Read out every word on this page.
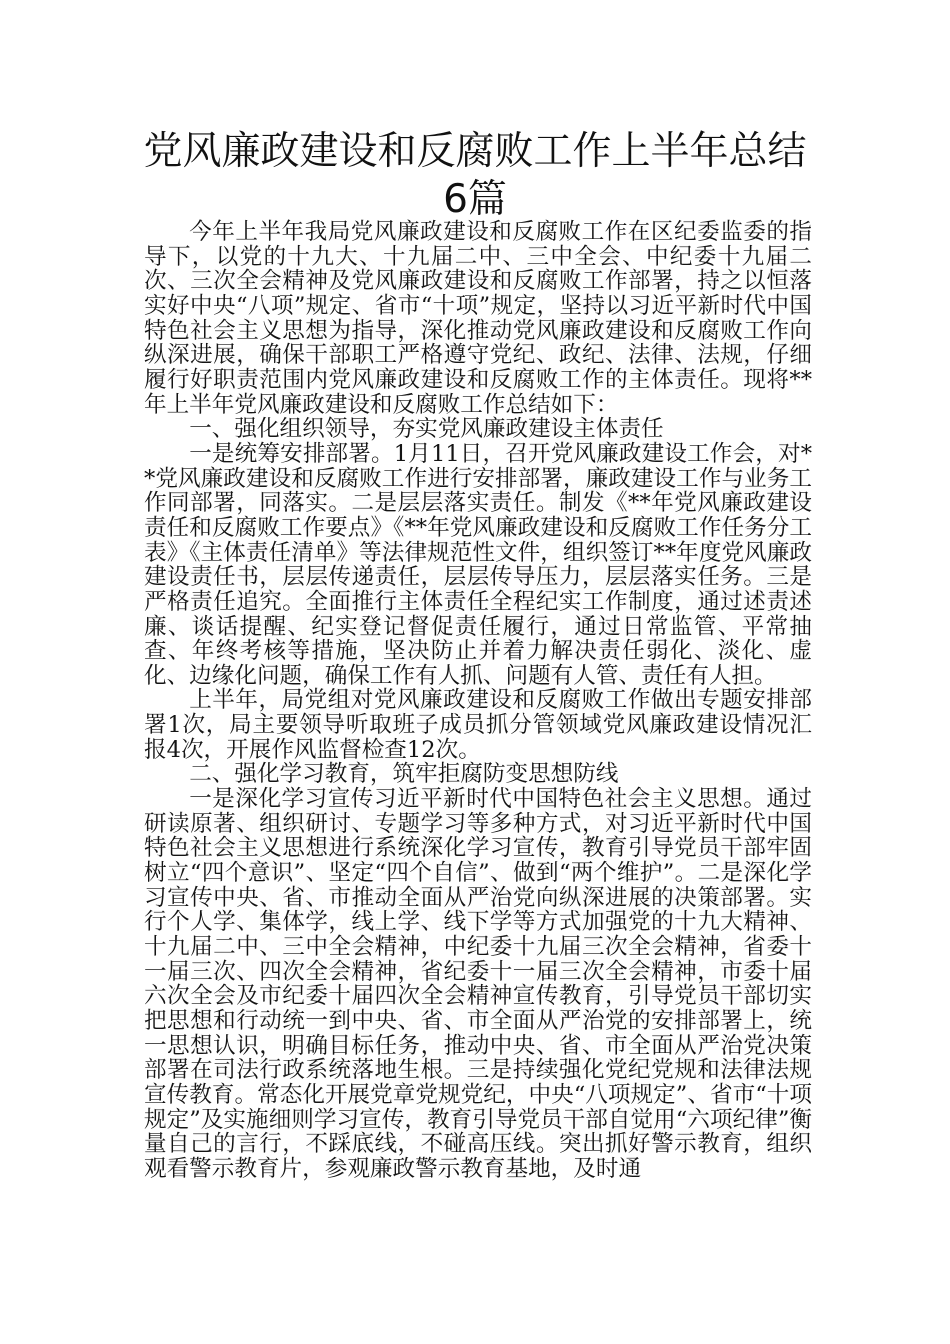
党风廉政建设和反腐败工作上半年总结
6篇

今年上半年我局党风廉政建设和反腐败工作在区纪委监委的指导下，以党的十九大、十九届二中、三中全会、中纪委十九届二次、三次全会精神及党风廉政建设和反腐败工作部署，持之以恒落实好中央“八项”规定、省市“十项”规定，坚持以习近平新时代中国特色社会主义思想为指导，深化推动党风廉政建设和反腐败工作向纵深进展，确保干部职工严格遵守党纪、政纪、法律、法规，仔细履行好职责范围内党风廉政建设和反腐败工作的主体责任。现将**年上半年党风廉政建设和反腐败工作总结如下：

一、强化组织领导，夯实党风廉政建设主体责任

一是统筹安排部署。1月11日，召开党风廉政建设工作会，对**党风廉政建设和反腐败工作进行安排部署，廉政建设工作与业务工作同部署，同落实。二是层层落实责任。制发《**年党风廉政建设责任和反腐败工作要点》《**年党风廉政建设和反腐败工作任务分工表》《主体责任清单》等法律规范性文件，组织签订**年度党风廉政建设责任书，层层传递责任，层层传导压力，层层落实任务。三是严格责任追究。全面推行主体责任全程纪实工作制度，通过述责述廉、谈话提醒、纪实登记督促责任履行，通过日常监管、平常抽查、年终考核等措施，坚决防止并着力解决责任弱化、淡化、虚化、边缘化问题，确保工作有人抓、问题有人管、责任有人担。

上半年，局党组对党风廉政建设和反腐败工作做出专题安排部署1次，局主要领导听取班子成员抓分管领域党风廉政建设情况汇报4次，开展作风监督检查12次。

二、强化学习教育，筑牢拒腐防变思想防线

一是深化学习宣传习近平新时代中国特色社会主义思想。通过研读原著、组织研讨、专题学习等多种方式，对习近平新时代中国特色社会主义思想进行系统深化学习宣传，教育引导党员干部牢固树立“四个意识”、坚定“四个自信”、做到“两个维护”。二是深化学习宣传中央、省、市推动全面从严治党向纵深进展的决策部署。实行个人学、集体学，线上学、线下学等方式加强党的十九大精神、十九届二中、三中全会精神，中纪委十九届三次全会精神，省委十一届三次、四次全会精神，省纪委十一届三次全会精神，市委十届六次全会及市纪委十届四次全会精神宣传教育，引导党员干部切实把思想和行动统一到中央、省、市全面从严治党的安排部署上，统一思想认识，明确目标任务，推动中央、省、市全面从严治党决策部署在司法行政系统落地生根。三是持续强化党纪党规和法律法规宣传教育。常态化开展党章党规党纪，中央“八项规定”、省市“十项规定”及实施细则学习宣传，教育引导党员干部自觉用“六项纪律”衡量自己的言行，不踩底线，不碰高压线。突出抓好警示教育，组织观看警示教育片，参观廉政警示教育基地，及时通
